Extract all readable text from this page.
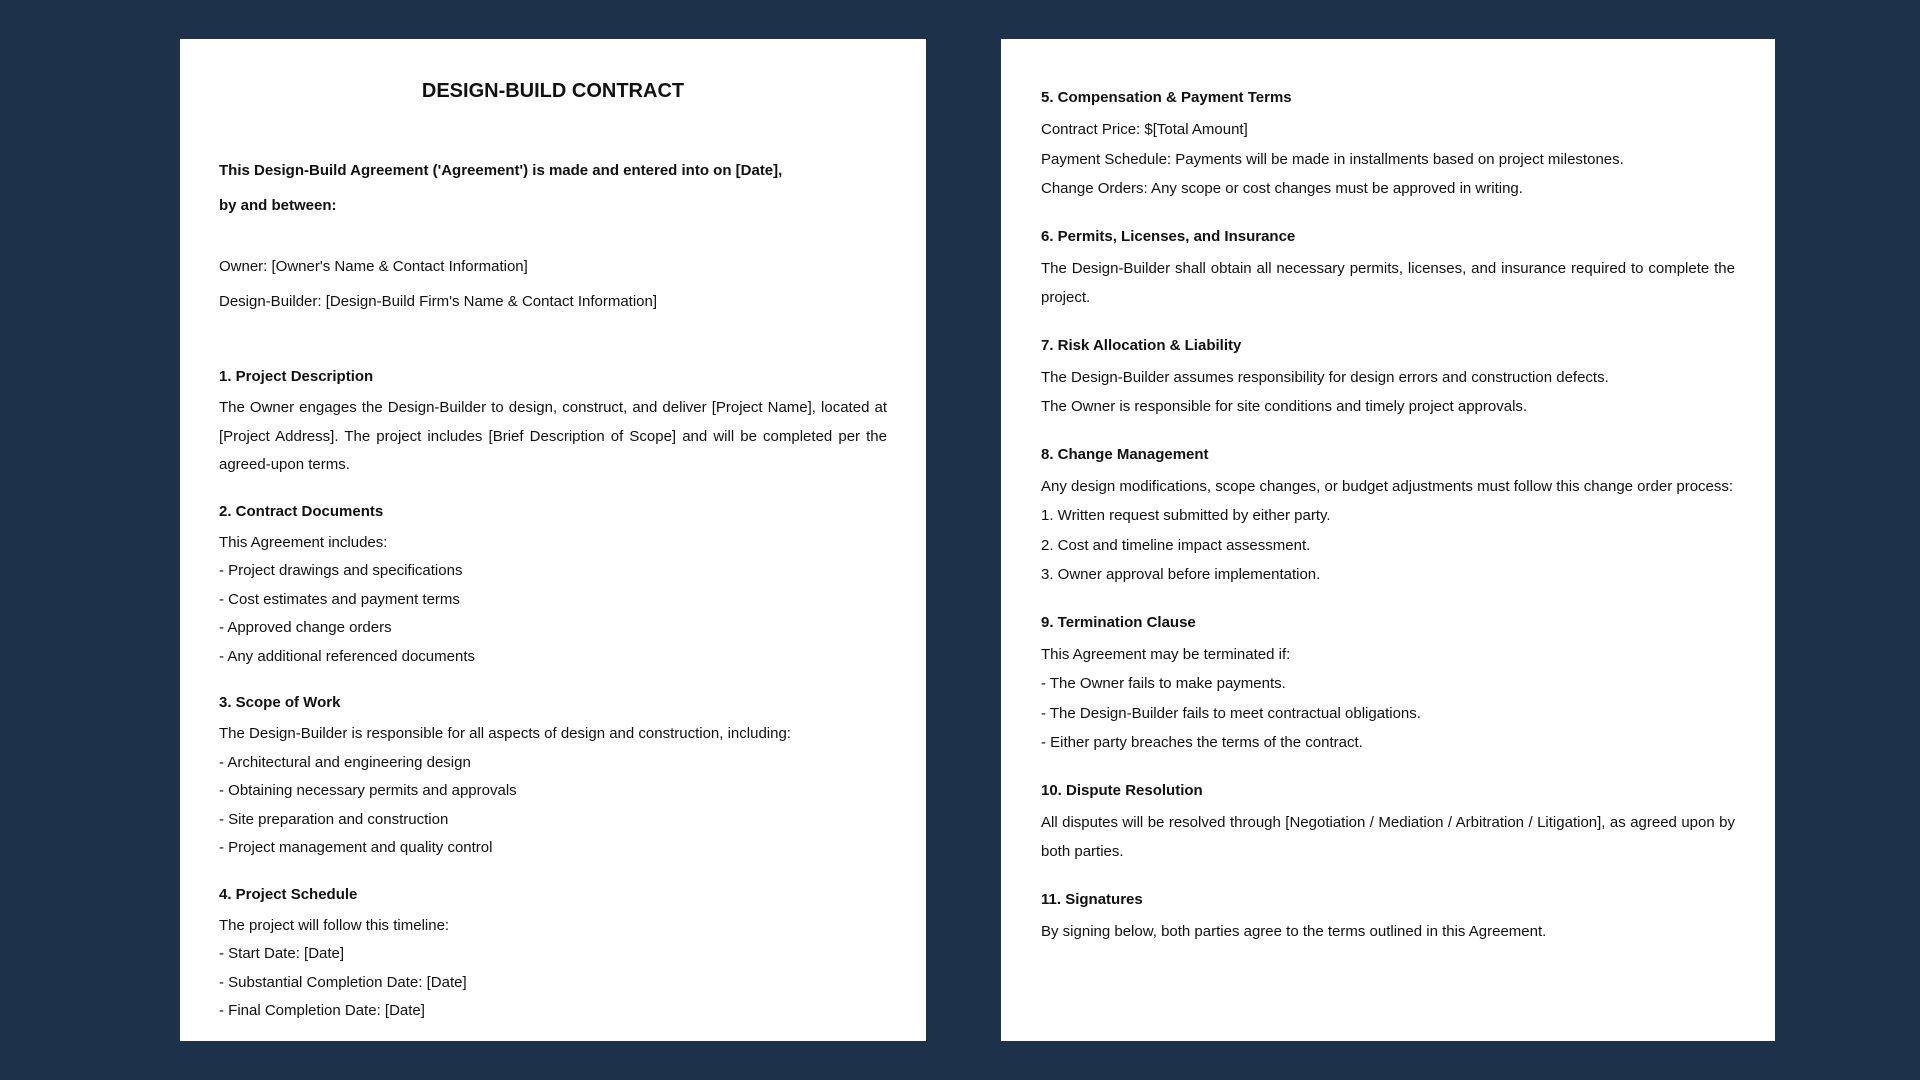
DESIGN-BUILD CONTRACT
This Design-Build Agreement ('Agreement') is made and entered into on [Date],
by and between:

Owner: [Owner's Name & Contact Information]

Design-Builder: [Design-Build Firm's Name & Contact Information]

1. Project Description

The Owner engages the Design-Builder to design, construct, and deliver [Project Name], located at [Project Address]. The project includes [Brief Description of Scope] and will be completed per the agreed-upon terms.

2. Contract Documents

This Agreement includes:

- Project drawings and specifications

- Cost estimates and payment terms

- Approved change orders

- Any additional referenced documents

3. Scope of Work

The Design-Builder is responsible for all aspects of design and construction, including:

- Architectural and engineering design

- Obtaining necessary permits and approvals

- Site preparation and construction

- Project management and quality control

4. Project Schedule

The project will follow this timeline:

- Start Date: [Date]

- Substantial Completion Date: [Date]

- Final Completion Date: [Date]

5. Compensation & Payment Terms

Contract Price: $[Total Amount]

Payment Schedule: Payments will be made in installments based on project milestones.

Change Orders: Any scope or cost changes must be approved in writing.

6. Permits, Licenses, and Insurance

The Design-Builder shall obtain all necessary permits, licenses, and insurance required to complete the project.

7. Risk Allocation & Liability

The Design-Builder assumes responsibility for design errors and construction defects.

The Owner is responsible for site conditions and timely project approvals.

8. Change Management

Any design modifications, scope changes, or budget adjustments must follow this change order process:

1. Written request submitted by either party.

2. Cost and timeline impact assessment.

3. Owner approval before implementation.

9. Termination Clause

This Agreement may be terminated if:

- The Owner fails to make payments.

- The Design-Builder fails to meet contractual obligations.

- Either party breaches the terms of the contract.

10. Dispute Resolution

All disputes will be resolved through [Negotiation / Mediation / Arbitration / Litigation], as agreed upon by both parties.

11. Signatures

By signing below, both parties agree to the terms outlined in this Agreement.
